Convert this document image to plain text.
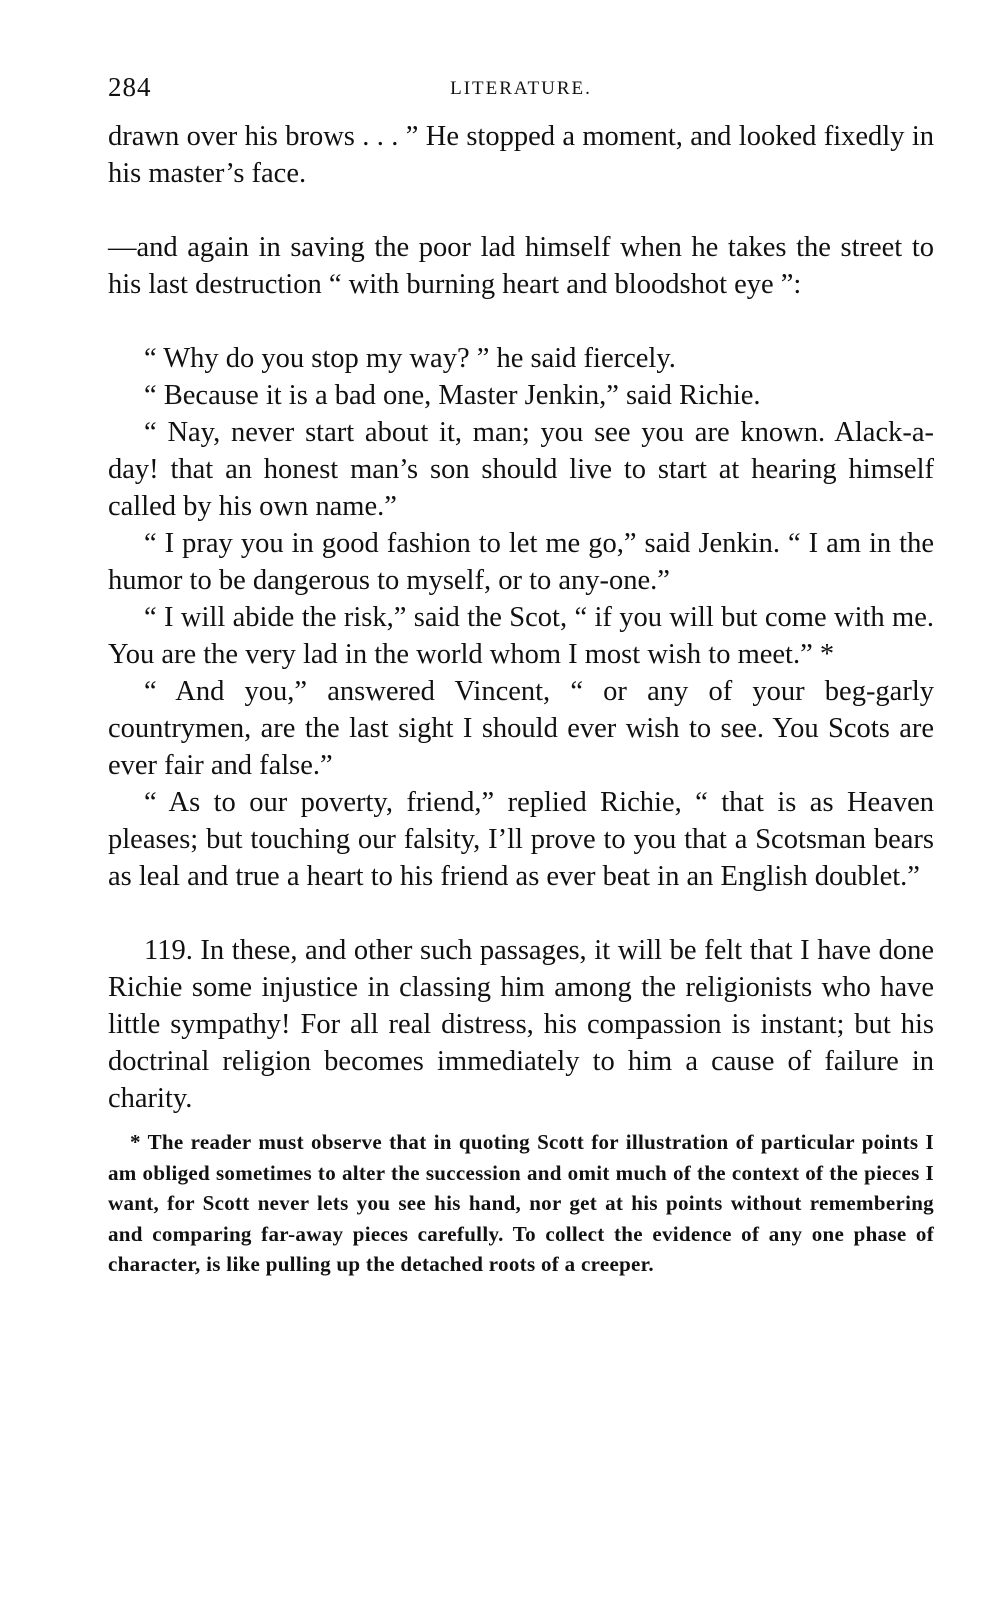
284	LITERATURE.

drawn over his brows . . . ” He stopped a moment, and looked fixedly in his master’s face.

—and again in saving the poor lad himself when he takes the street to his last destruction “ with burning heart and bloodshot eye ”:

“ Why do you stop my way? ” he said fiercely.

“ Because it is a bad one, Master Jenkin,” said Richie.

“ Nay, never start about it, man; you see you are known. Alack-a-day! that an honest man’s son should live to start at hearing himself called by his own name.”

“ I pray you in good fashion to let me go,” said Jenkin. “ I am in the humor to be dangerous to myself, or to any-one.”

“ I will abide the risk,” said the Scot, “ if you will but come with me. You are the very lad in the world whom I most wish to meet.” *

“ And you,” answered Vincent, “ or any of your beg-garly countrymen, are the last sight I should ever wish to see. You Scots are ever fair and false.”

“ As to our poverty, friend,” replied Richie, “ that is as Heaven pleases; but touching our falsity, I’ll prove to you that a Scotsman bears as leal and true a heart to his friend as ever beat in an English doublet.”

119. In these, and other such passages, it will be felt that I have done Richie some injustice in classing him among the religionists who have little sympathy! For all real distress, his compassion is instant; but his doctrinal religion becomes immediately to him a cause of failure in charity.

* The reader must observe that in quoting Scott for illustration of particular points I am obliged sometimes to alter the succession and omit much of the context of the pieces I want, for Scott never lets you see his hand, nor get at his points without remembering and comparing far-away pieces carefully. To collect the evidence of any one phase of character, is like pulling up the detached roots of a creeper.
